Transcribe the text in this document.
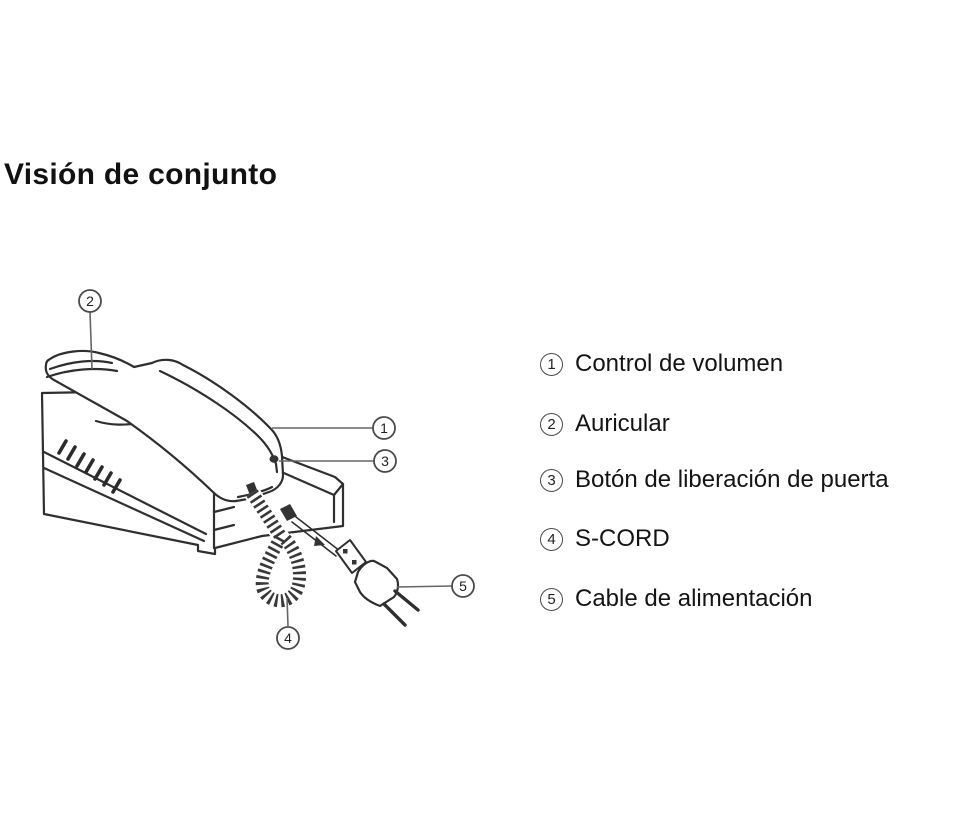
Visión de conjunto
1
2
3
4
5
1 Control de volumen
2 Auricular
3 Botón de liberación de puerta
4 S-CORD
5 Cable de alimentación
